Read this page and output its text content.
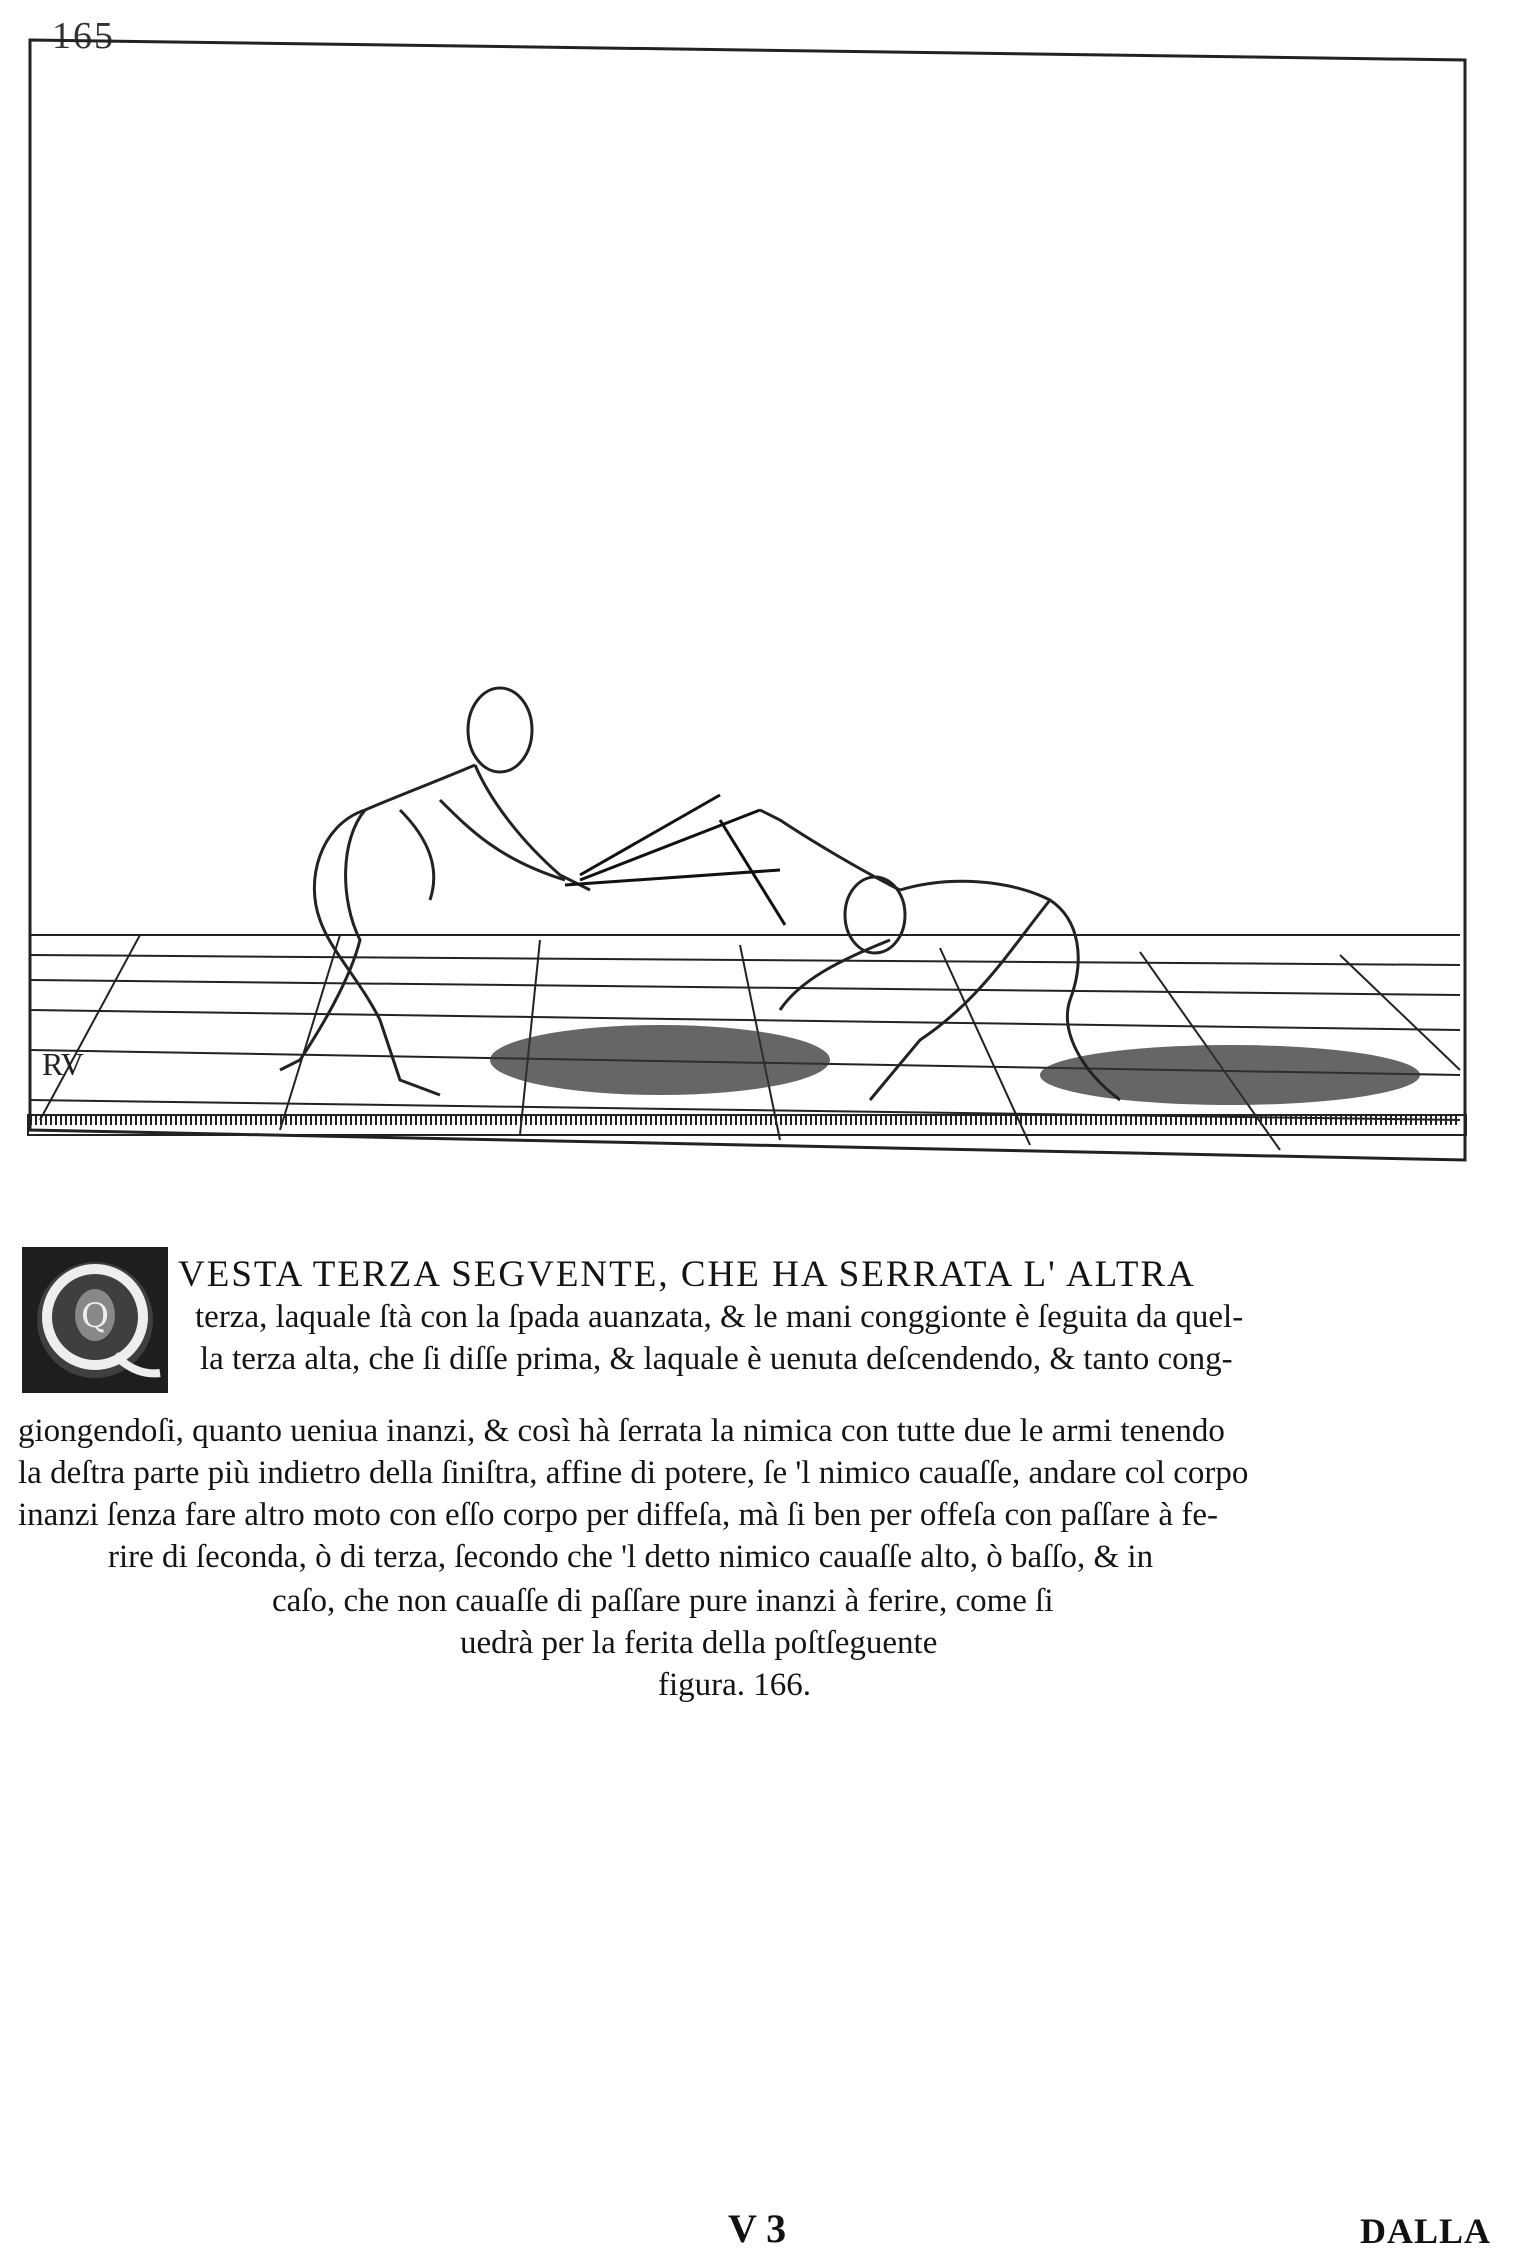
165
RV
Q
VESTA TERZA SEGVENTE, CHE HA SERRATA L' ALTRA
terza, laquale ſtà con la ſpada auanzata, & le mani conggionte è ſeguita da quel-
la terza alta, che ſi diſſe prima, & laquale è uenuta deſcendendo, & tanto cong-
giongendoſi, quanto ueniua inanzi, & così hà ſerrata la nimica con tutte due le armi tenendo
la deſtra parte più indietro della ſiniſtra, affine di potere, ſe 'l nimico cauaſſe, andare col corpo
inanzi ſenza fare altro moto con eſſo corpo per diffeſa, mà ſi ben per offeſa con paſſare à fe-
rire di ſeconda, ò di terza, ſecondo che 'l detto nimico cauaſſe alto, ò baſſo, & in
caſo, che non cauaſſe di paſſare pure inanzi à ferire, come ſi
uedrà per la ferita della poſtſeguente
figura. 166.
V 3	DALLA
